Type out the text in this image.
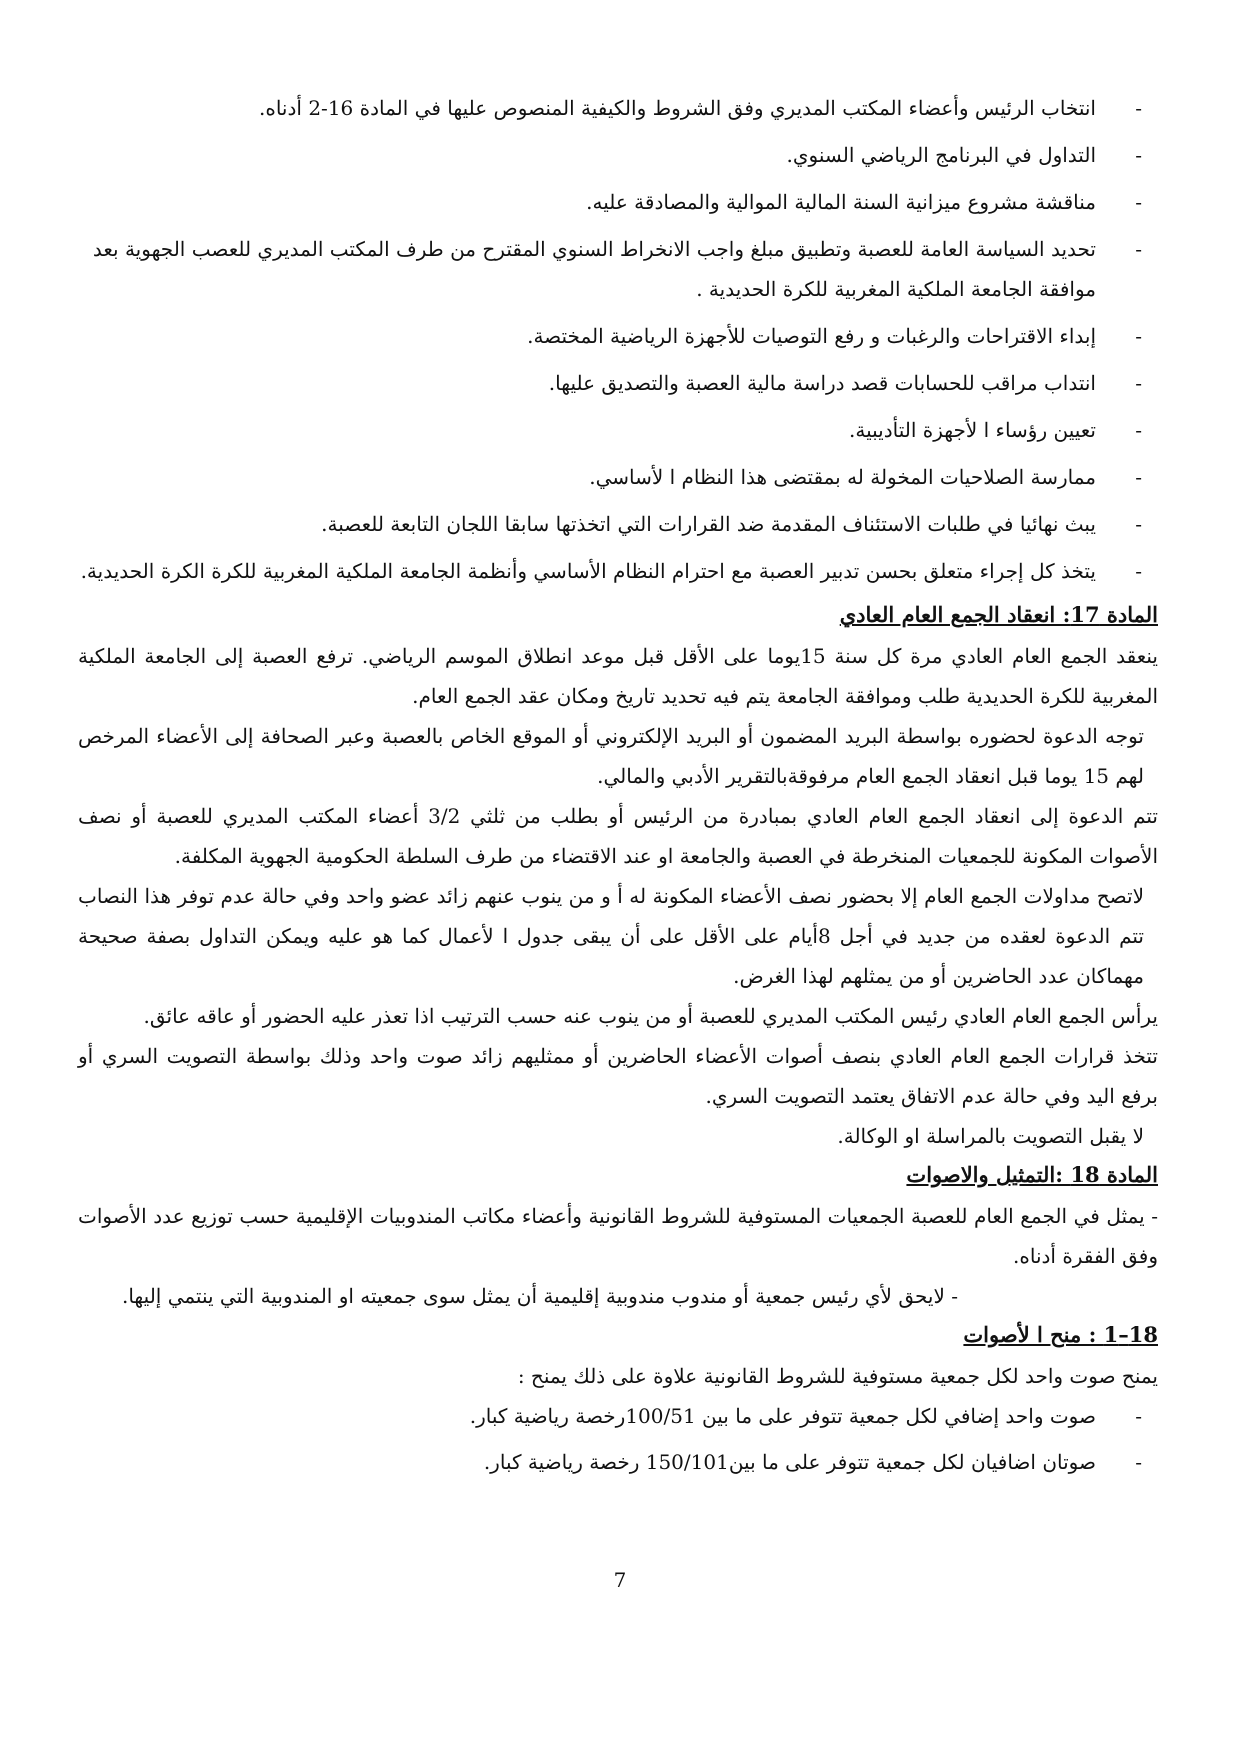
-
انتخاب الرئيس وأعضاء المكتب المديري وفق الشروط والكيفية المنصوص عليها في المادة 16-2 أدناه.
-
التداول في البرنامج الرياضي السنوي.
-
مناقشة مشروع ميزانية السنة المالية الموالية والمصادقة عليه.
-
تحديد السياسة العامة للعصبة وتطبيق مبلغ واجب الانخراط السنوي المقترح من طرف المكتب المديري للعصب الجهوية بعد موافقة الجامعة الملكية المغربية للكرة الحديدية .
-
إبداء الاقتراحات والرغبات و رفع التوصيات للأجهزة الرياضية المختصة.
-
انتداب مراقب للحسابات قصد دراسة مالية العصبة والتصديق عليها.
-
تعيين رؤساء ا لأجهزة التأديبية.
-
ممارسة الصلاحيات المخولة له بمقتضى هذا النظام ا لأساسي.
-
يبث نهائيا في طلبات الاستئناف المقدمة ضد القرارات التي اتخذتها سابقا اللجان التابعة للعصبة.
-
يتخذ كل إجراء متعلق بحسن تدبير العصبة مع احترام النظام الأساسي وأنظمة الجامعة الملكية المغربية للكرة الكرة الحديدية.
المادة 17: انعقاد الجمع العام العادي

ينعقد الجمع العام العادي مرة كل سنة 15يوما على الأقل قبل موعد انطلاق الموسم الرياضي. ترفع العصبة إلى الجامعة الملكية المغربية للكرة الحديدية طلب وموافقة الجامعة يتم فيه تحديد تاريخ ومكان عقد الجمع العام.

توجه الدعوة لحضوره بواسطة البريد المضمون أو البريد الإلكتروني أو الموقع الخاص بالعصبة وعبر الصحافة إلى الأعضاء المرخص لهم 15 يوما قبل انعقاد الجمع العام مرفوقةبالتقرير الأدبي والمالي.

تتم الدعوة إلى انعقاد الجمع العام العادي بمبادرة من الرئيس أو بطلب من ثلثي 3/2 أعضاء المكتب المديري للعصبة أو نصف الأصوات المكونة للجمعيات المنخرطة في العصبة والجامعة او عند الاقتضاء من طرف السلطة الحكومية الجهوية المكلفة.

لاتصح مداولات الجمع العام إلا بحضور نصف الأعضاء المكونة له أ و من ينوب عنهم زائد عضو واحد وفي حالة عدم توفر هذا النصاب تتم الدعوة لعقده من جديد في أجل 8أيام على الأقل على أن يبقى جدول ا لأعمال كما هو عليه ويمكن التداول بصفة صحيحة مهماكان عدد الحاضرين أو من يمثلهم لهذا الغرض.

يرأس الجمع العام العادي رئيس المكتب المديري للعصبة أو من ينوب عنه حسب الترتيب اذا تعذر عليه الحضور أو عاقه عائق.

تتخذ قرارات الجمع العام العادي بنصف أصوات الأعضاء الحاضرين أو ممثليهم زائد صوت واحد وذلك بواسطة التصويت السري أو برفع اليد وفي حالة عدم الاتفاق يعتمد التصويت السري.

لا يقبل التصويت بالمراسلة او الوكالة.

المادة 18 :التمثيل والاصوات

- يمثل في الجمع العام للعصبة الجمعيات المستوفية للشروط القانونية وأعضاء مكاتب المندوبيات الإقليمية حسب توزيع عدد الأصوات وفق الفقرة أدناه.

- لايحق لأي رئيس جمعية أو مندوب مندوبية إقليمية أن يمثل سوى جمعيته او المندوبية التي ينتمي إليها.

18–1 : منح ا لأصوات

يمنح صوت واحد لكل جمعية مستوفية للشروط القانونية علاوة على ذلك يمنح :

-
صوت واحد إضافي لكل جمعية تتوفر على ما بين 100/51رخصة رياضية كبار.
-
صوتان اضافيان لكل جمعية تتوفر على ما بين150/101 رخصة رياضية كبار.
7
